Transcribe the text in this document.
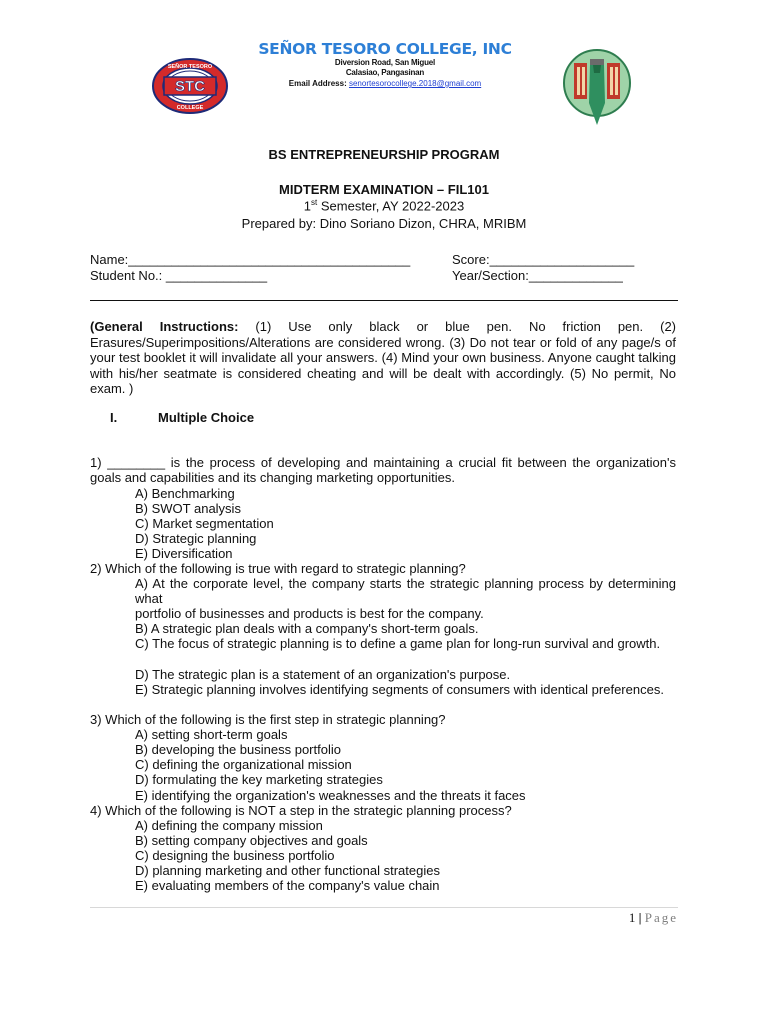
STC
SEÑOR TESORO
COLLEGE

SEÑOR TESORO COLLEGE, INC

Diversion Road, San Miguel
Calasiao, Pangasinan
Email Address: senortesorocollege.2018@gmail.com
BS ENTREPRENEURSHIP PROGRAM
MIDTERM EXAMINATION – FIL101
1st Semester, AY 2022-2023
Prepared by: Dino Soriano Dizon, CHRA, MRIBM
Name:_______________________________________	Score:____________________
Student No.: ______________	Year/Section:_____________
(General Instructions: (1) Use only black or blue pen. No friction pen. (2) Erasures/Superimpositions/Alterations are considered wrong. (3) Do not tear or fold of any page/s of your test booklet it will invalidate all your answers. (4) Mind your own business. Anyone caught talking with his/her seatmate is considered cheating and will be dealt with accordingly. (5) No permit, No exam. )
I.	Multiple Choice
1) ________ is the process of developing and maintaining a crucial fit between the organization's goals and capabilities and its changing marketing opportunities.
A) Benchmarking
B) SWOT analysis
C) Market segmentation
D) Strategic planning
E) Diversification
2) Which of the following is true with regard to strategic planning?
A) At the corporate level, the company starts the strategic planning process by determining what
portfolio of businesses and products is best for the company.
B) A strategic plan deals with a company's short-term goals.
C) The focus of strategic planning is to define a game plan for long-run survival and growth.
D) The strategic plan is a statement of an organization's purpose.
E) Strategic planning involves identifying segments of consumers with identical preferences.
3) Which of the following is the first step in strategic planning?
A) setting short-term goals
B) developing the business portfolio
C) defining the organizational mission
D) formulating the key marketing strategies
E) identifying the organization's weaknesses and the threats it faces
4) Which of the following is NOT a step in the strategic planning process?
A) defining the company mission
B) setting company objectives and goals
C) designing the business portfolio
D) planning marketing and other functional strategies
E) evaluating members of the company's value chain
1 | Page
